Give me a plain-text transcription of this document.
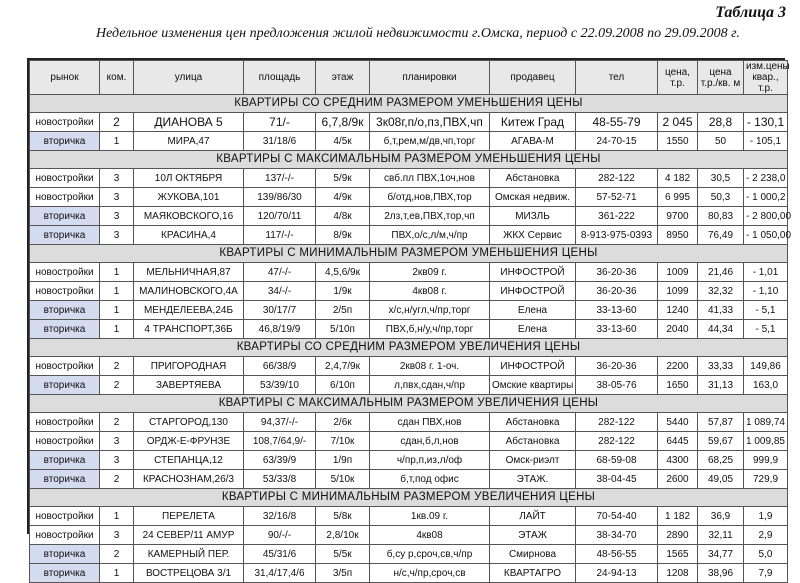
Таблица 3
Недельное изменения цен предложения жилой недвижимости г.Омска, период с 22.09.2008 по 29.09.2008 г.
рынок	ком.	улица	площадь	этаж	планировки	продавец	тел	цена, т.р.	цена т.р./кв. м	изм.цены квар., т.р.
КВАРТИРЫ СО СРЕДНИМ РАЗМЕРОМ УМЕНЬШЕНИЯ ЦЕНЫ										
новостройки	2	ДИАНОВА 5	71/-	6,7,8/9к	3к08г,п/о,пз,ПВХ,чп	Китеж Град	48-55-79	2 045	28,8	- 130,1
вторичка	1	МИРА,47	31/18/6	4/5к	б,т,рем,м/дв,чп,торг	АГАВА-М	24-70-15	1550	50	- 105,1
КВАРТИРЫ С МАКСИМАЛЬНЫМ РАЗМЕРОМ УМЕНЬШЕНИЯ ЦЕНЫ										
новостройки	3	10Л ОКТЯБРЯ	137/-/-	5/9к	свб.пл ПВХ,1оч,нов	Абстановка	282-122	4 182	30,5	- 2 238,0
новостройки	3	ЖУКОВА,101	139/86/30	4/9к	б/отд,нов,ПВХ,тор	Омская недвиж.	57-52-71	6 995	50,3	- 1 000,2
вторичка	3	МАЯКОВСКОГО,16	120/70/11	4/8к	2лз,т,ев,ПВХ,тор,чп	МИЗЛЬ	361-222	9700	80,83	- 2 800,00
вторичка	3	КРАСИНА,4	117/-/-	8/9к	ПВХ,о/с,л/м,ч/пр	ЖКХ Сервис	8-913-975-0393	8950	76,49	- 1 050,00
КВАРТИРЫ С МИНИМАЛЬНЫМ РАЗМЕРОМ УМЕНЬШЕНИЯ ЦЕНЫ										
новостройки	1	МЕЛЬНИЧНАЯ,87	47/-/-	4,5,6/9к	2кв09 г.	ИНФОСТРОЙ	36-20-36	1009	21,46	- 1,01
новостройки	1	МАЛИНОВСКОГО,4А	34/-/-	1/9к	4кв08 г.	ИНФОСТРОЙ	36-20-36	1099	32,32	- 1,10
вторичка	1	МЕНДЕЛЕЕВА,24Б	30/17/7	2/5п	х/с,н/угл,ч/пр,торг	Елена	33-13-60	1240	41,33	- 5,1
вторичка	1	4 ТРАНСПОРТ,36Б	46,8/19/9	5/10п	ПВХ,б,н/у,ч/пр,торг	Елена	33-13-60	2040	44,34	- 5,1
КВАРТИРЫ СО СРЕДНИМ РАЗМЕРОМ УВЕЛИЧЕНИЯ ЦЕНЫ										
новостройки	2	ПРИГОРОДНАЯ	66/38/9	2,4,7/9к	2кв08 г. 1-оч.	ИНФОСТРОЙ	36-20-36	2200	33,33	149,86
вторичка	2	ЗАВЕРТЯЕВА	53/39/10	6/10п	л,пвх,сдан,ч/пр	Омские квартиры	38-05-76	1650	31,13	163,0
КВАРТИРЫ С МАКСИМАЛЬНЫМ РАЗМЕРОМ УВЕЛИЧЕНИЯ ЦЕНЫ										
новостройки	2	СТАРГОРОД,130	94,37/-/-	2/6к	сдан ПВХ,нов	Абстановка	282-122	5440	57,87	1 089,74
новостройки	3	ОРДЖ-Е-ФРУНЗЕ	108,7/64,9/-	7/10к	сдан,б,л,нов	Абстановка	282-122	6445	59,67	1 009,85
вторичка	3	СТЕПАНЦА,12	63/39/9	1/9п	ч/пр,п,из,л/оф	Омск-риэлт	68-59-08	4300	68,25	999,9
вторичка	2	КРАСНОЗНАМ,26/3	53/33/8	5/10к	б,т,под офис	ЭТАЖ.	38-04-45	2600	49,05	729,9
КВАРТИРЫ С МИНИМАЛЬНЫМ РАЗМЕРОМ УВЕЛИЧЕНИЯ ЦЕНЫ										
новостройки	1	ПЕРЕЛЕТА	32/16/8	5/8к	1кв.09 г.	ЛАЙТ	70-54-40	1 182	36,9	1,9
новостройки	3	24 СЕВЕР/11 АМУР	90/-/-	2,8/10к	4кв08	ЭТАЖ	38-34-70	2890	32,11	2,9
вторичка	2	КАМЕРНЫЙ ПЕР.	45/31/6	5/5к	б,су р,сроч,св,ч/пр	Смирнова	48-56-55	1565	34,77	5,0
вторичка	1	ВОСТРЕЦОВА 3/1	31,4/17,4/6	3/5п	н/с,ч/пр,сроч,св	КВАРТАГРО	24-94-13	1208	38,96	7,9
